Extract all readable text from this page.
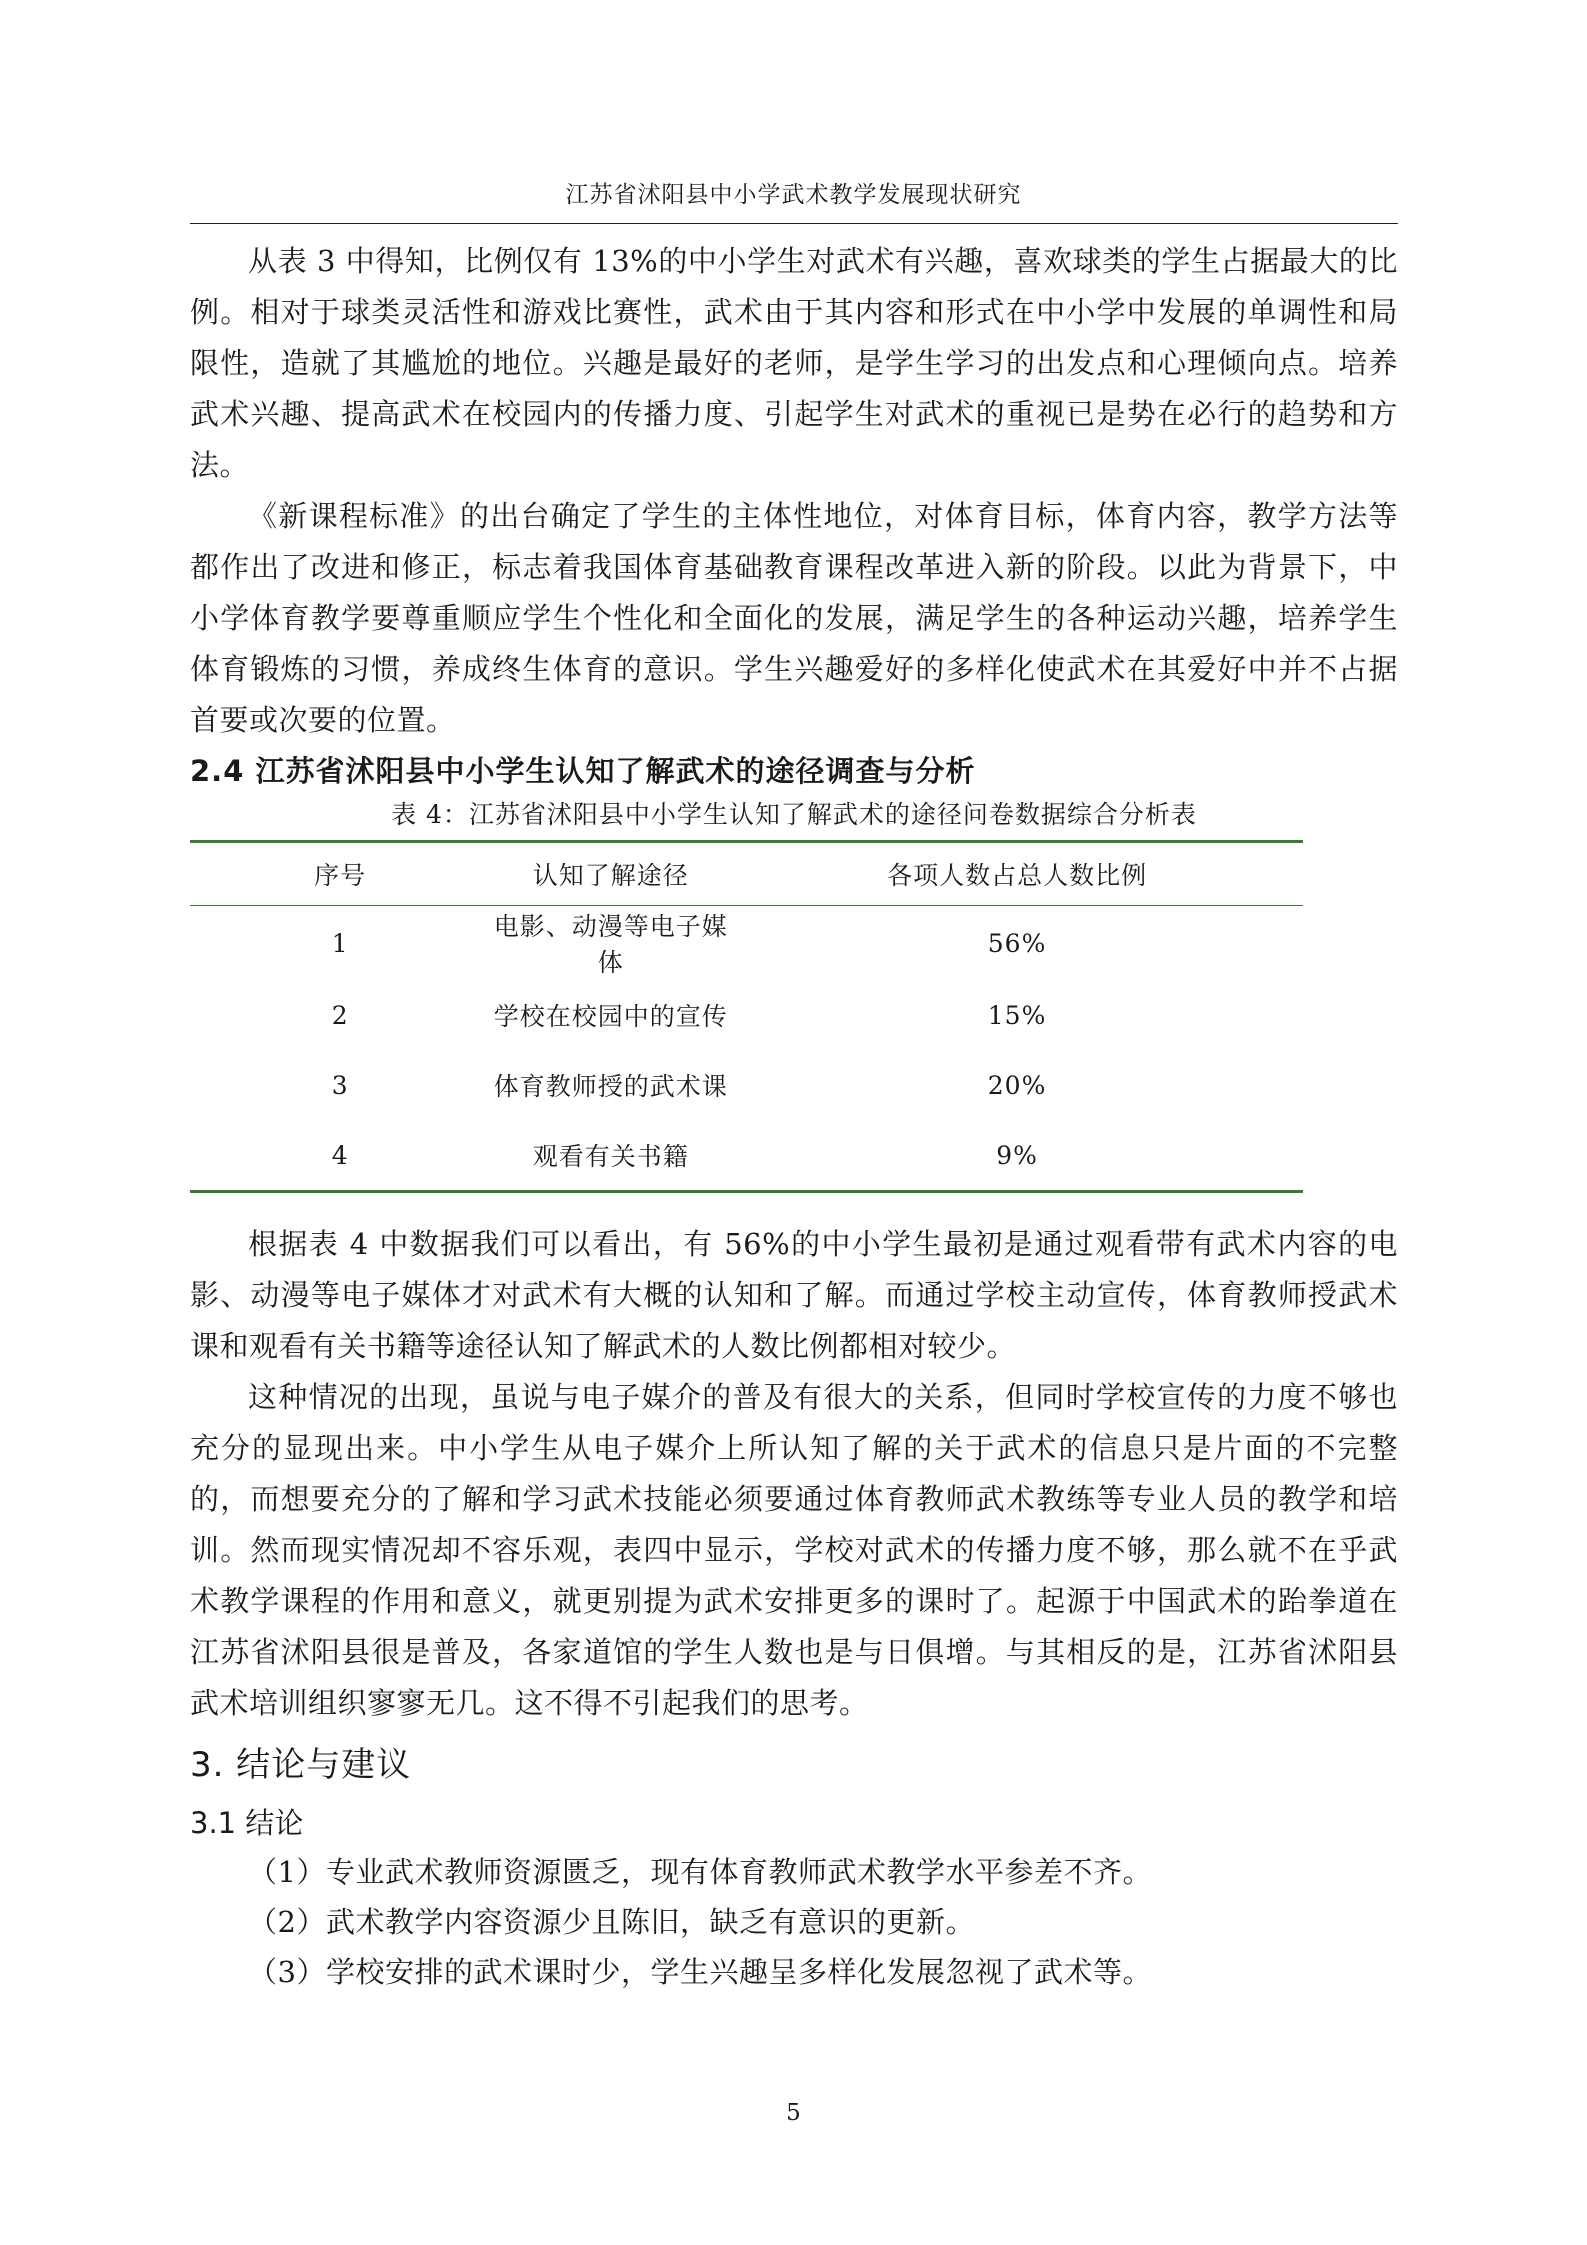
江苏省沭阳县中小学武术教学发展现状研究

从表 3 中得知，比例仅有 13%的中小学生对武术有兴趣，喜欢球类的学生占据最大的比例。相对于球类灵活性和游戏比赛性，武术由于其内容和形式在中小学中发展的单调性和局限性，造就了其尴尬的地位。兴趣是最好的老师，是学生学习的出发点和心理倾向点。培养武术兴趣、提高武术在校园内的传播力度、引起学生对武术的重视已是势在必行的趋势和方法。

《新课程标准》的出台确定了学生的主体性地位，对体育目标，体育内容，教学方法等都作出了改进和修正，标志着我国体育基础教育课程改革进入新的阶段。以此为背景下，中小学体育教学要尊重顺应学生个性化和全面化的发展，满足学生的各种运动兴趣，培养学生体育锻炼的习惯，养成终生体育的意识。学生兴趣爱好的多样化使武术在其爱好中并不占据首要或次要的位置。

2.4 江苏省沭阳县中小学生认知了解武术的途径调查与分析
表 4：江苏省沭阳县中小学生认知了解武术的途径问卷数据综合分析表
序号	认知了解途径	各项人数占总人数比例
1	电影、动漫等电子媒体	56%
2	学校在校园中的宣传	15%
3	体育教师授的武术课	20%
4	观看有关书籍	9%

根据表 4 中数据我们可以看出，有 56%的中小学生最初是通过观看带有武术内容的电影、动漫等电子媒体才对武术有大概的认知和了解。而通过学校主动宣传，体育教师授武术课和观看有关书籍等途径认知了解武术的人数比例都相对较少。

这种情况的出现，虽说与电子媒介的普及有很大的关系，但同时学校宣传的力度不够也充分的显现出来。中小学生从电子媒介上所认知了解的关于武术的信息只是片面的不完整的，而想要充分的了解和学习武术技能必须要通过体育教师武术教练等专业人员的教学和培训。然而现实情况却不容乐观，表四中显示，学校对武术的传播力度不够，那么就不在乎武术教学课程的作用和意义，就更别提为武术安排更多的课时了。起源于中国武术的跆拳道在江苏省沭阳县很是普及，各家道馆的学生人数也是与日俱增。与其相反的是，江苏省沭阳县武术培训组织寥寥无几。这不得不引起我们的思考。

3. 结论与建议
3.1 结论

（1）专业武术教师资源匮乏，现有体育教师武术教学水平参差不齐。

（2）武术教学内容资源少且陈旧，缺乏有意识的更新。

（3）学校安排的武术课时少，学生兴趣呈多样化发展忽视了武术等。

5
